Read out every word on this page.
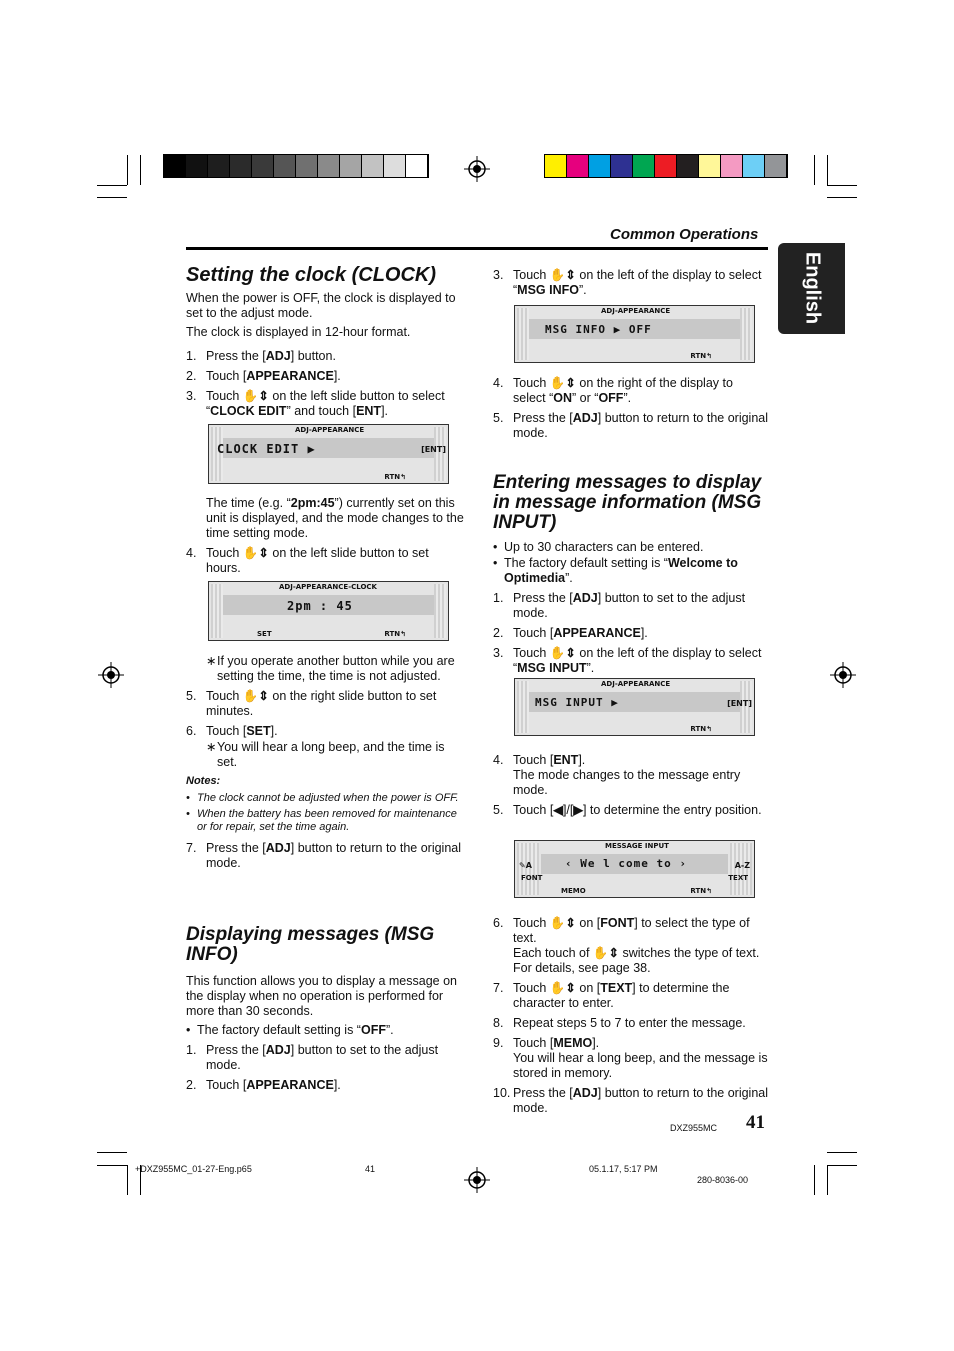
Common Operations
English
Setting the clock (CLOCK)
When the power is OFF, the clock is displayed to set to the adjust mode.
The clock is displayed in 12-hour format.
1. Press the [ADJ] button.
2. Touch [APPEARANCE].
3. Touch ✋⇕ on the left slide button to select “CLOCK EDIT” and touch [ENT].
ADJ-APPEARANCE
CLOCK EDIT ▶	[ENT]
RTN↰
The time (e.g. “2pm:45”) currently set on this unit is displayed, and the mode changes to the time setting mode.
4. Touch ✋⇕ on the left slide button to set hours.
ADJ-APPEARANCE-CLOCK
2pm : 45
SET	RTN↰
∗ If you operate another button while you are setting the time, the time is not adjusted.
5. Touch ✋⇕ on the right slide button to set minutes.
6. Touch [SET].
∗ You will hear a long beep, and the time is set.
Notes:
• The clock cannot be adjusted when the power is OFF.
• When the battery has been removed for maintenance or for repair, set the time again.
7. Press the [ADJ] button to return to the original mode.
Displaying messages (MSG INFO)
This function allows you to display a message on the display when no operation is performed for more than 30 seconds.
• The factory default setting is “OFF”.
1. Press the [ADJ] button to set to the adjust mode.
2. Touch [APPEARANCE].
3. Touch ✋⇕ on the left of the display to select “MSG INFO”.
ADJ-APPEARANCE
MSG INFO ▶ OFF
RTN↰
4. Touch ✋⇕ on the right of the display to select “ON” or “OFF”.
5. Press the [ADJ] button to return to the original mode.
Entering messages to display in message information (MSG INPUT)
• Up to 30 characters can be entered.
• The factory default setting is “Welcome to Optimedia”.
1. Press the [ADJ] button to set to the adjust mode.
2. Touch [APPEARANCE].
3. Touch ✋⇕ on the left of the display to select “MSG INPUT”.
ADJ-APPEARANCE
MSG INPUT ▶	[ENT]
RTN↰
4. Touch [ENT].
The mode changes to the message entry mode.
5. Touch [◀]/[▶] to determine the entry position.
MESSAGE INPUT
‹ We l come to ›
✎A
FONT
A-Z
TEXT
MEMO	RTN↰
6. Touch ✋⇕ on [FONT] to select the type of text.
Each touch of ✋⇕ switches the type of text. For details, see page 38.
7. Touch ✋⇕ on [TEXT] to determine the character to enter.
8. Repeat steps 5 to 7 to enter the message.
9. Touch [MEMO].
You will hear a long beep, and the message is stored in memory.
10. Press the [ADJ] button to return to the original mode.
DXZ955MC 41
+DXZ955MC_01-27-Eng.p65	41	05.1.17, 5:17 PM
280-8036-00
